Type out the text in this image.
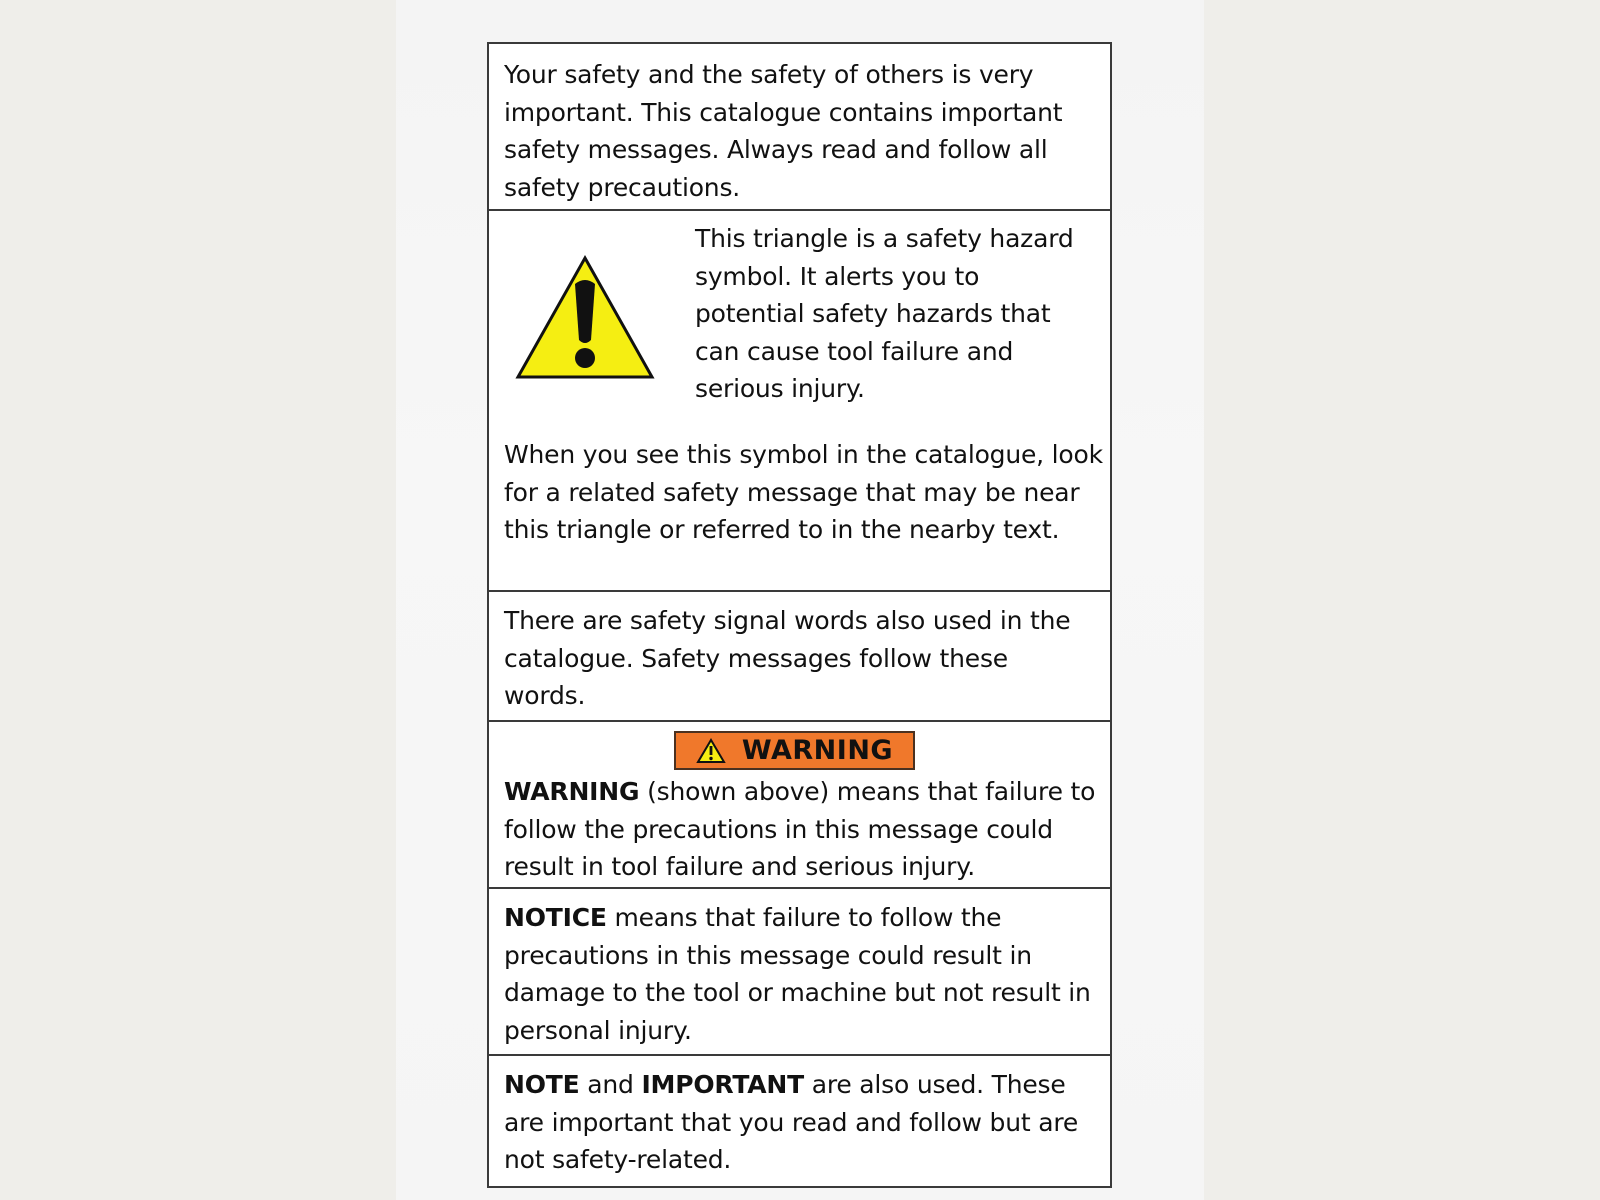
Your safety and the safety of others is very important. This catalogue contains important safety messages. Always read and follow all safety precautions.

This triangle is a safety hazard symbol. It alerts you to potential safety hazards that can cause tool failure and serious injury.

When you see this symbol in the catalogue, look for a related safety message that may be near this triangle or referred to in the nearby text.

There are safety signal words also used in the catalogue. Safety messages follow these words.

WARNING

WARNING (shown above) means that failure to follow the precautions in this message could result in tool failure and serious injury.

NOTICE means that failure to follow the precautions in this message could result in damage to the tool or machine but not result in personal injury.

NOTE and IMPORTANT are also used. These are important that you read and follow but are not safety-related.
